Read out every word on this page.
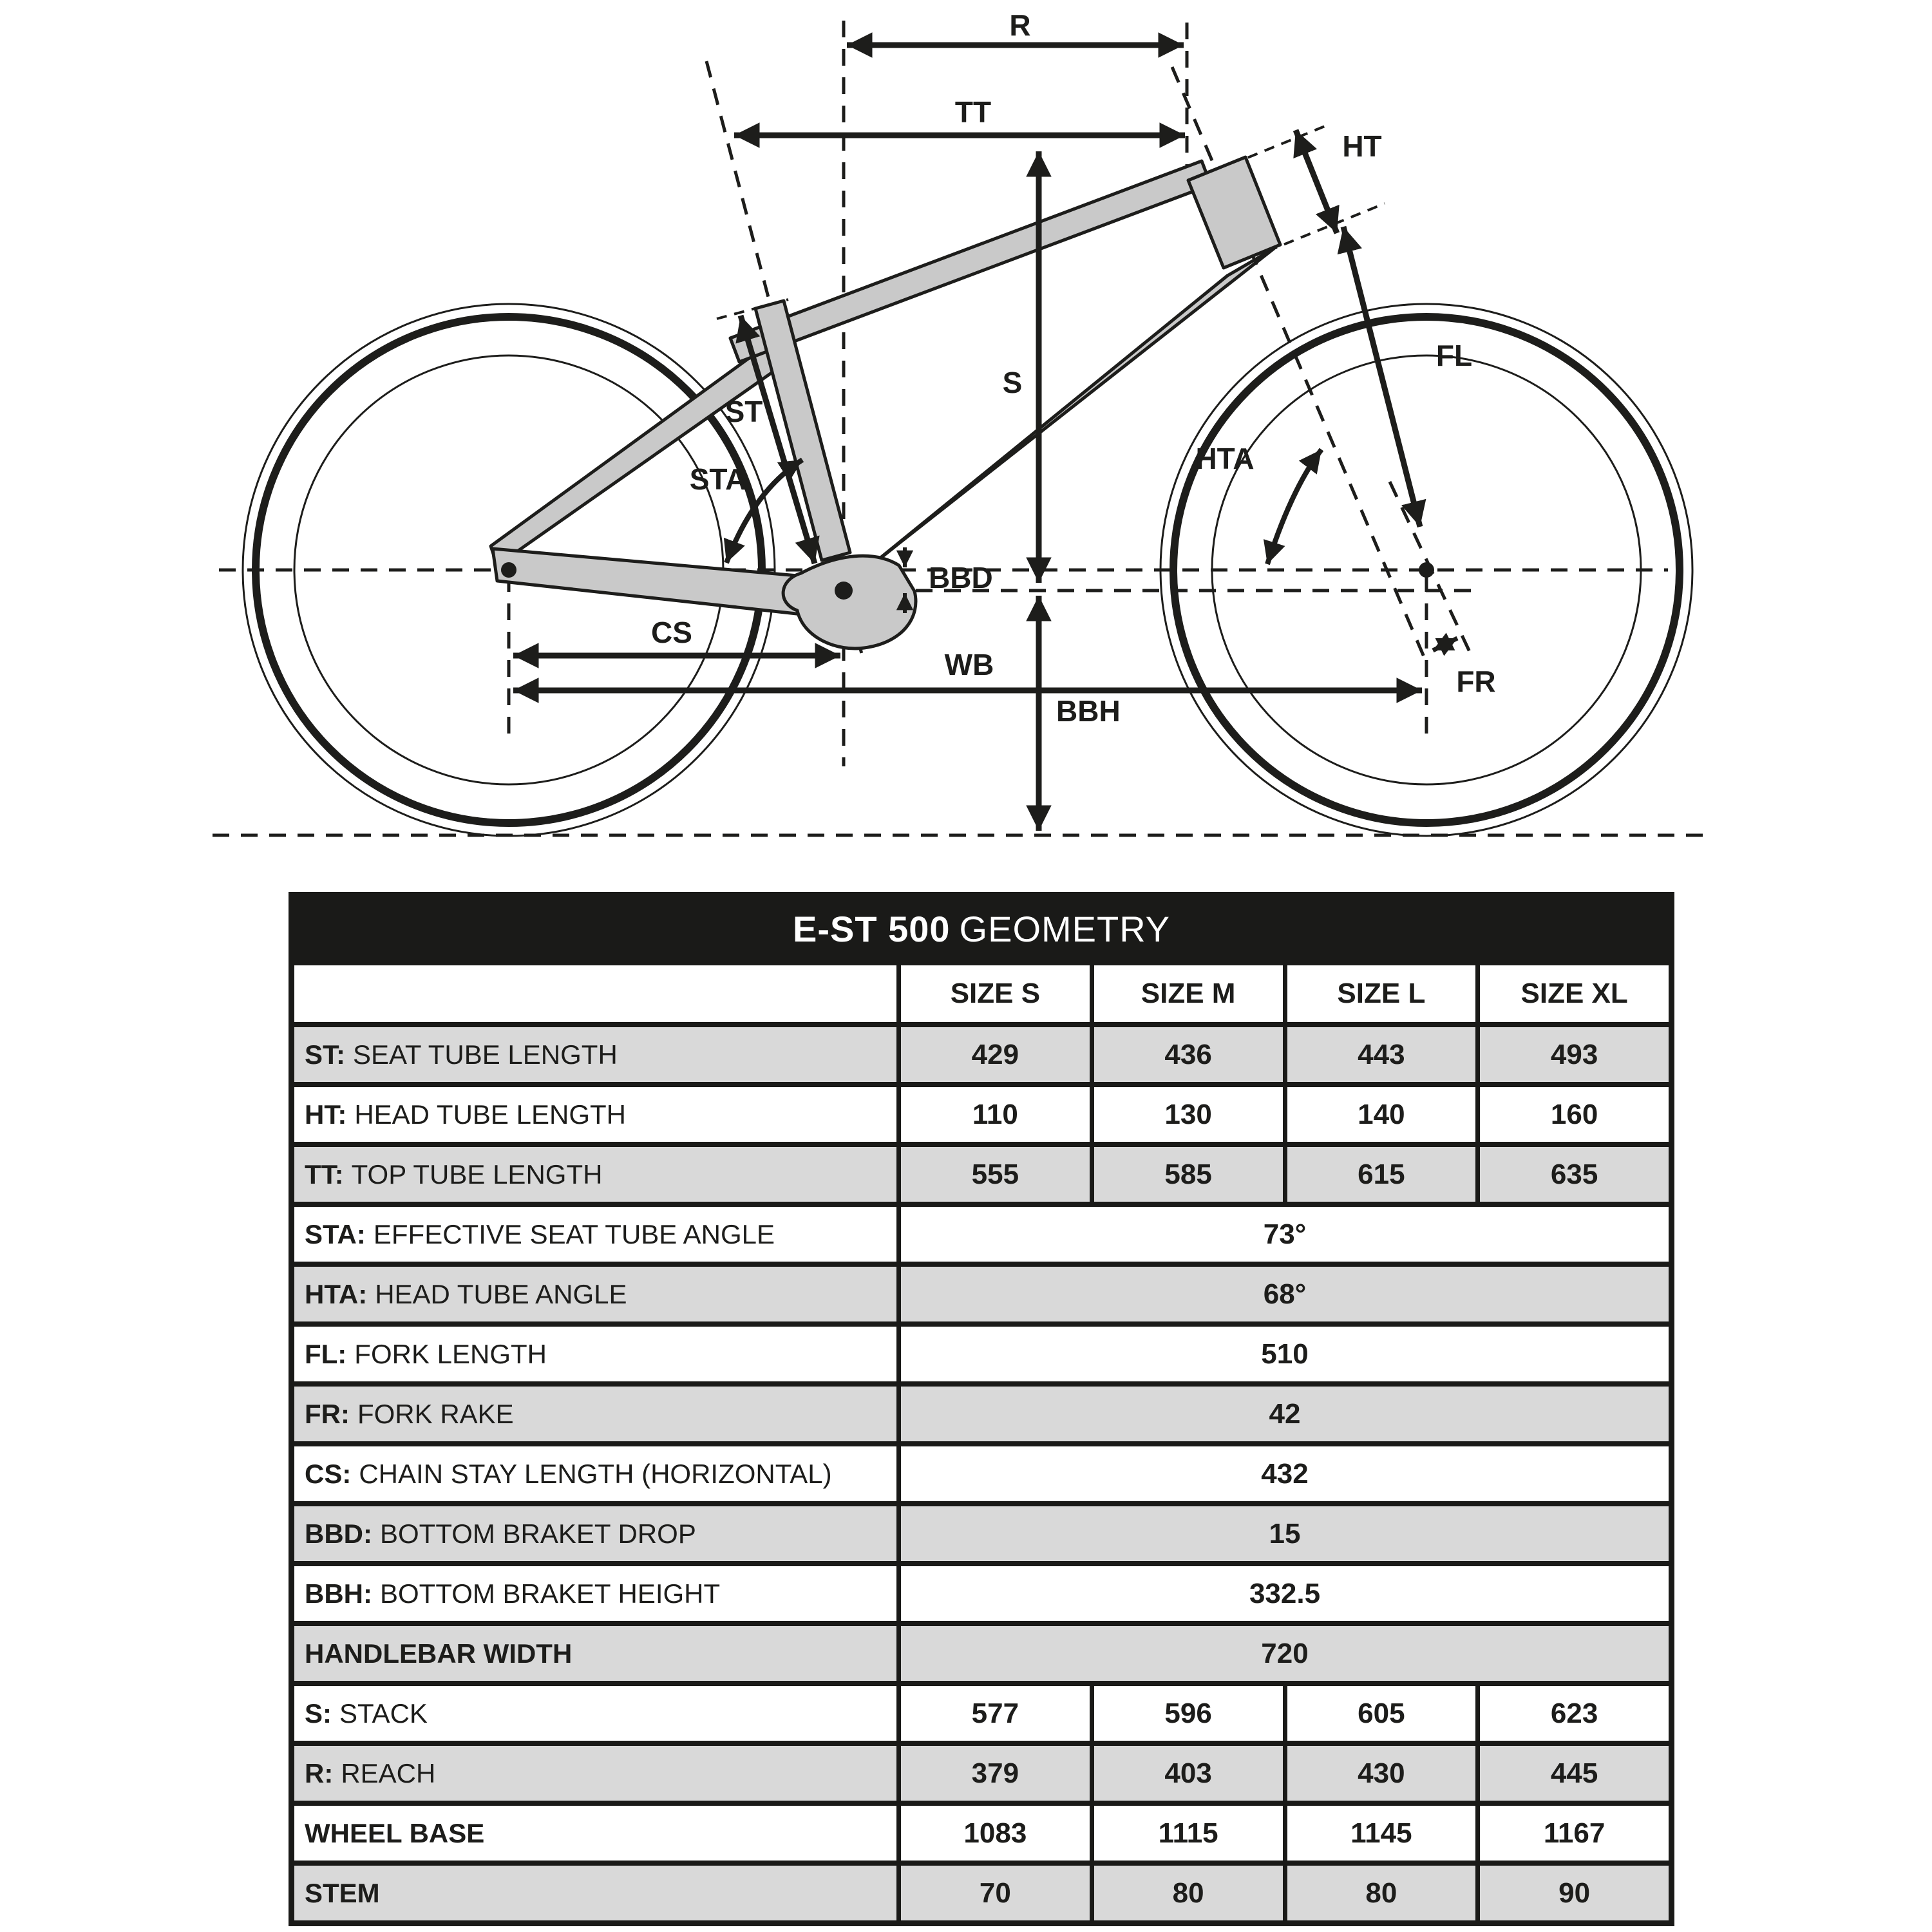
R
TT
HT
S
ST
STA
HTA
FL
BBD
CS
WB
BBH
FR
E-ST 500 GEOMETRY
SIZE S	SIZE M	SIZE L	SIZE XL
ST: SEAT TUBE LENGTH	429	436	443	493
HT: HEAD TUBE LENGTH	110	130	140	160
TT: TOP TUBE LENGTH	555	585	615	635
STA: EFFECTIVE SEAT TUBE ANGLE	73°
HTA: HEAD TUBE ANGLE	68°
FL: FORK LENGTH	510
FR: FORK RAKE	42
CS: CHAIN STAY LENGTH (HORIZONTAL)	432
BBD: BOTTOM BRAKET DROP	15
BBH: BOTTOM BRAKET HEIGHT	332.5
HANDLEBAR WIDTH	720
S: STACK	577	596	605	623
R: REACH	379	403	430	445
WHEEL BASE	1083	1115	1145	1167
STEM	70	80	80	90
